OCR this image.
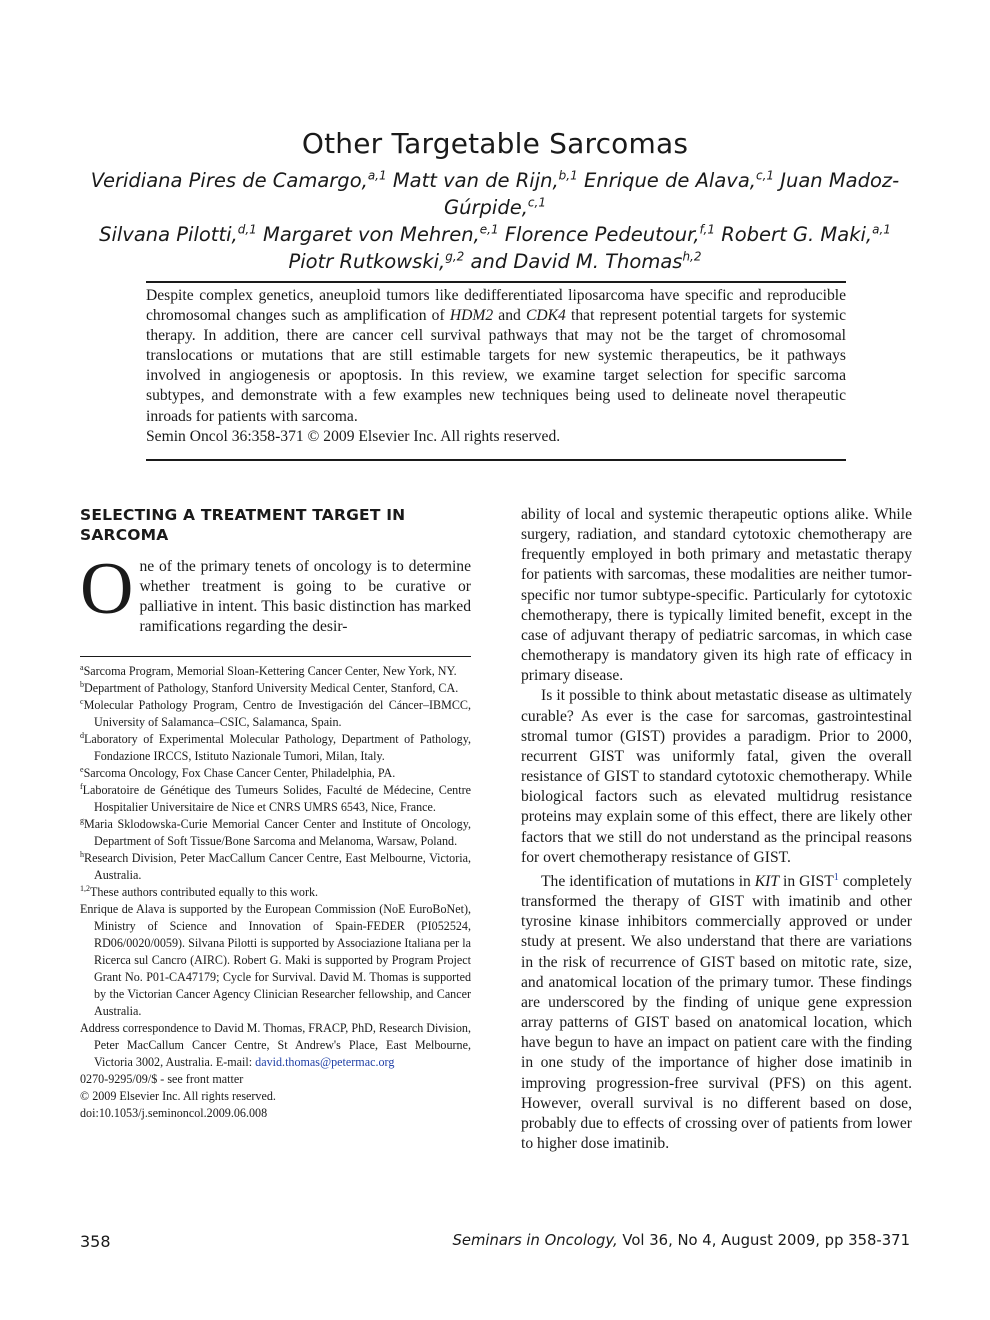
Other Targetable Sarcomas
Veridiana Pires de Camargo,$^{a,1}$ Matt van de Rijn,$^{b,1}$ Enrique de Alava,$^{c,1}$ Juan Madoz-Gúrpide,$^{c,1}$
Silvana Pilotti,$^{d,1}$ Margaret von Mehren,$^{e,1}$ Florence Pedeutour,$^{f,1}$ Robert G. Maki,$^{a,1}$
Piotr Rutkowski,$^{g,2}$ and David M. Thomas$^{h,2}$

Despite complex genetics, aneuploid tumors like dedifferentiated liposarcoma have specific and reproducible chromosomal changes such as amplification of HDM2 and CDK4 that represent potential targets for systemic therapy. In addition, there are cancer cell survival pathways that may not be the target of chromosomal translocations or mutations that are still estimable targets for new systemic therapeutics, be it pathways involved in angiogenesis or apoptosis. In this review, we examine target selection for specific sarcoma subtypes, and demonstrate with a few examples new techniques being used to delineate novel therapeutic inroads for patients with sarcoma.

Semin Oncol 36:358-371 © 2009 Elsevier Inc. All rights reserved.

SELECTING A TREATMENT TARGET IN SARCOMA

One of the primary tenets of oncology is to determine whether treatment is going to be curative or palliative in intent. This basic distinction has marked ramifications regarding the desir-

$^a$Sarcoma Program, Memorial Sloan-Kettering Cancer Center, New York, NY.

$^b$Department of Pathology, Stanford University Medical Center, Stanford, CA.

$^c$Molecular Pathology Program, Centro de Investigación del Cáncer–IBMCC, University of Salamanca–CSIC, Salamanca, Spain.

$^d$Laboratory of Experimental Molecular Pathology, Department of Pathology, Fondazione IRCCS, Istituto Nazionale Tumori, Milan, Italy.

$^e$Sarcoma Oncology, Fox Chase Cancer Center, Philadelphia, PA.

$^f$Laboratoire de Génétique des Tumeurs Solides, Faculté de Médecine, Centre Hospitalier Universitaire de Nice et CNRS UMRS 6543, Nice, France.

$^g$Maria Sklodowska-Curie Memorial Cancer Center and Institute of Oncology, Department of Soft Tissue/Bone Sarcoma and Melanoma, Warsaw, Poland.

$^h$Research Division, Peter MacCallum Cancer Centre, East Melbourne, Victoria, Australia.

$^{1,2}$These authors contributed equally to this work.

Enrique de Alava is supported by the European Commission (NoE EuroBoNet), Ministry of Science and Innovation of Spain-FEDER (PI052524, RD06/0020/0059). Silvana Pilotti is supported by Associazione Italiana per la Ricerca sul Cancro (AIRC). Robert G. Maki is supported by Program Project Grant No. P01-CA47179; Cycle for Survival. David M. Thomas is supported by the Victorian Cancer Agency Clinician Researcher fellowship, and Cancer Australia.

Address correspondence to David M. Thomas, FRACP, PhD, Research Division, Peter MacCallum Cancer Centre, St Andrew's Place, East Melbourne, Victoria 3002, Australia. E-mail: david.thomas@petermac.org

0270-9295/09/$ - see front matter

© 2009 Elsevier Inc. All rights reserved.

doi:10.1053/j.seminoncol.2009.06.008

ability of local and systemic therapeutic options alike. While surgery, radiation, and standard cytotoxic chemotherapy are frequently employed in both primary and metastatic therapy for patients with sarcomas, these modalities are neither tumor-specific nor tumor subtype-specific. Particularly for cytotoxic chemotherapy, there is typically limited benefit, except in the case of adjuvant therapy of pediatric sarcomas, in which case chemotherapy is mandatory given its high rate of efficacy in primary disease.

Is it possible to think about metastatic disease as ultimately curable? As ever is the case for sarcomas, gastrointestinal stromal tumor (GIST) provides a paradigm. Prior to 2000, recurrent GIST was uniformly fatal, given the overall resistance of GIST to standard cytotoxic chemotherapy. While biological factors such as elevated multidrug resistance proteins may explain some of this effect, there are likely other factors that we still do not understand as the principal reasons for overt chemotherapy resistance of GIST.

The identification of mutations in KIT in GIST$^1$ completely transformed the therapy of GIST with imatinib and other tyrosine kinase inhibitors commercially approved or under study at present. We also understand that there are variations in the risk of recurrence of GIST based on mitotic rate, size, and anatomical location of the primary tumor. These findings are underscored by the finding of unique gene expression array patterns of GIST based on anatomical location, which have begun to have an impact on patient care with the finding in one study of the importance of higher dose imatinib in improving progression-free survival (PFS) on this agent. However, overall survival is no different based on dose, probably due to effects of crossing over of patients from lower to higher dose imatinib.

358	Seminars in Oncology, Vol 36, No 4, August 2009, pp 358-371
